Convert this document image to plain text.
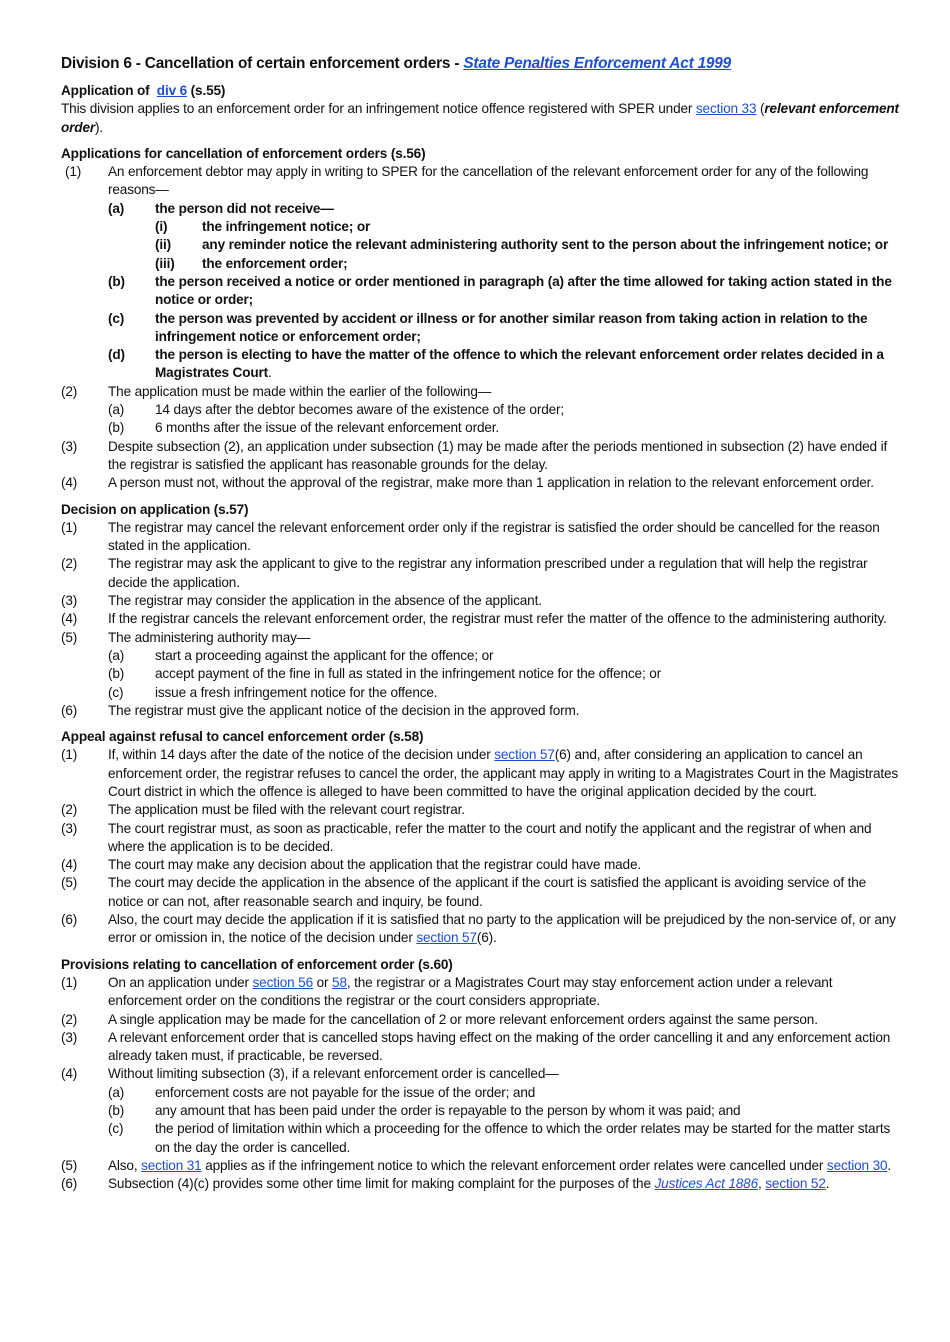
Division 6 - Cancellation of certain enforcement orders - State Penalties Enforcement Act 1999
Application of div 6 (s.55)
This division applies to an enforcement order for an infringement notice offence registered with SPER under section 33 (relevant enforcement order).
Applications for cancellation of enforcement orders (s.56)
(1)	An enforcement debtor may apply in writing to SPER for the cancellation of the relevant enforcement order for any of the following reasons—
(a)	the person did not receive—
(i)	the infringement notice; or
(ii)	any reminder notice the relevant administering authority sent to the person about the infringement notice; or
(iii)	the enforcement order;
(b)	the person received a notice or order mentioned in paragraph (a) after the time allowed for taking action stated in the notice or order;
(c)	the person was prevented by accident or illness or for another similar reason from taking action in relation to the infringement notice or enforcement order;
(d)	the person is electing to have the matter of the offence to which the relevant enforcement order relates decided in a Magistrates Court.
(2)	The application must be made within the earlier of the following—
(a)	14 days after the debtor becomes aware of the existence of the order;
(b)	6 months after the issue of the relevant enforcement order.
(3)	Despite subsection (2), an application under subsection (1) may be made after the periods mentioned in subsection (2) have ended if the registrar is satisfied the applicant has reasonable grounds for the delay.
(4)	A person must not, without the approval of the registrar, make more than 1 application in relation to the relevant enforcement order.
Decision on application (s.57)
(1)	The registrar may cancel the relevant enforcement order only if the registrar is satisfied the order should be cancelled for the reason stated in the application.
(2)	The registrar may ask the applicant to give to the registrar any information prescribed under a regulation that will help the registrar decide the application.
(3)	The registrar may consider the application in the absence of the applicant.
(4)	If the registrar cancels the relevant enforcement order, the registrar must refer the matter of the offence to the administering authority.
(5)	The administering authority may—
(a)	start a proceeding against the applicant for the offence; or
(b)	accept payment of the fine in full as stated in the infringement notice for the offence; or
(c)	issue a fresh infringement notice for the offence.
(6)	The registrar must give the applicant notice of the decision in the approved form.
Appeal against refusal to cancel enforcement order (s.58)
(1)	If, within 14 days after the date of the notice of the decision under section 57(6) and, after considering an application to cancel an enforcement order, the registrar refuses to cancel the order, the applicant may apply in writing to a Magistrates Court in the Magistrates Court district in which the offence is alleged to have been committed to have the original application decided by the court.
(2)	The application must be filed with the relevant court registrar.
(3)	The court registrar must, as soon as practicable, refer the matter to the court and notify the applicant and the registrar of when and where the application is to be decided.
(4)	The court may make any decision about the application that the registrar could have made.
(5)	The court may decide the application in the absence of the applicant if the court is satisfied the applicant is avoiding service of the notice or can not, after reasonable search and inquiry, be found.
(6)	Also, the court may decide the application if it is satisfied that no party to the application will be prejudiced by the non-service of, or any error or omission in, the notice of the decision under section 57(6).
Provisions relating to cancellation of enforcement order (s.60)
(1)	On an application under section 56 or 58, the registrar or a Magistrates Court may stay enforcement action under a relevant enforcement order on the conditions the registrar or the court considers appropriate.
(2)	A single application may be made for the cancellation of 2 or more relevant enforcement orders against the same person.
(3)	A relevant enforcement order that is cancelled stops having effect on the making of the order cancelling it and any enforcement action already taken must, if practicable, be reversed.
(4)	Without limiting subsection (3), if a relevant enforcement order is cancelled—
(a)	enforcement costs are not payable for the issue of the order; and
(b)	any amount that has been paid under the order is repayable to the person by whom it was paid; and
(c)	the period of limitation within which a proceeding for the offence to which the order relates may be started for the matter starts on the day the order is cancelled.
(5)	Also, section 31 applies as if the infringement notice to which the relevant enforcement order relates were cancelled under section 30.
(6)	Subsection (4)(c) provides some other time limit for making complaint for the purposes of the Justices Act 1886, section 52.
